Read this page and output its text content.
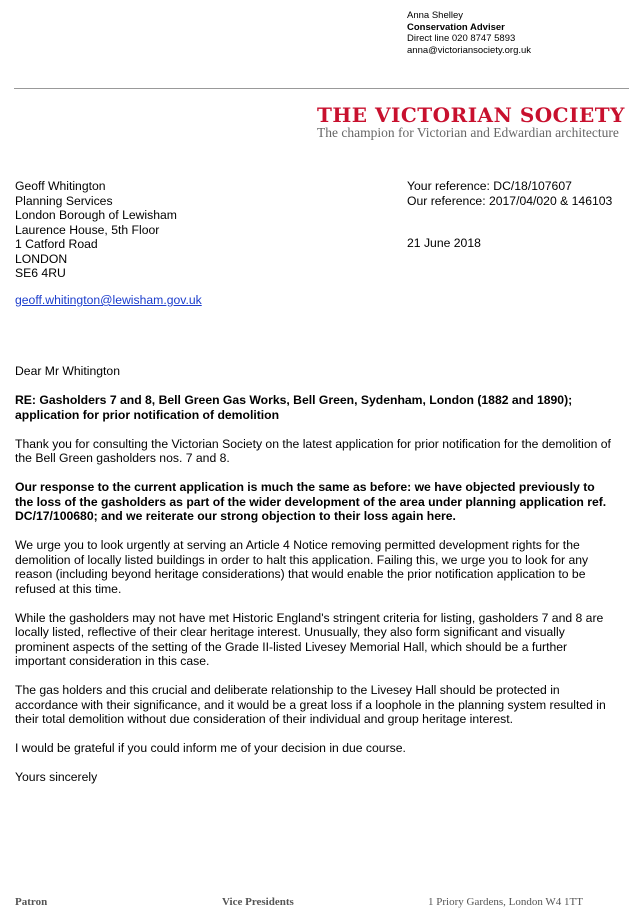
Anna Shelley
Conservation Adviser
Direct line 020 8747 5893
anna@victoriansociety.org.uk
THE VICTORIAN SOCIETY
The champion for Victorian and Edwardian architecture
Geoff Whitington
Planning Services
London Borough of Lewisham
Laurence House, 5th Floor
1 Catford Road
LONDON
SE6 4RU
Your reference: DC/18/107607
Our reference: 2017/04/020 & 146103
21 June 2018
geoff.whitington@lewisham.gov.uk

Dear Mr Whitington

RE: Gasholders 7 and 8, Bell Green Gas Works, Bell Green, Sydenham, London (1882 and 1890); application for prior notification of demolition

Thank you for consulting the Victorian Society on the latest application for prior notification for the demolition of the Bell Green gasholders nos. 7 and 8.

Our response to the current application is much the same as before: we have objected previously to the loss of the gasholders as part of the wider development of the area under planning application ref. DC/17/100680; and we reiterate our strong objection to their loss again here.

We urge you to look urgently at serving an Article 4 Notice removing permitted development rights for the demolition of locally listed buildings in order to halt this application. Failing this, we urge you to look for any reason (including beyond heritage considerations) that would enable the prior notification application to be refused at this time.

While the gasholders may not have met Historic England's stringent criteria for listing, gasholders 7 and 8 are locally listed, reflective of their clear heritage interest. Unusually, they also form significant and visually prominent aspects of the setting of the Grade II-listed Livesey Memorial Hall, which should be a further important consideration in this case.

The gas holders and this crucial and deliberate relationship to the Livesey Hall should be protected in accordance with their significance, and it would be a great loss if a loophole in the planning system resulted in their total demolition without due consideration of their individual and group heritage interest.

I would be grateful if you could inform me of your decision in due course.

Yours sincerely

Patron	Vice Presidents	1 Priory Gardens, London W4 1TT
